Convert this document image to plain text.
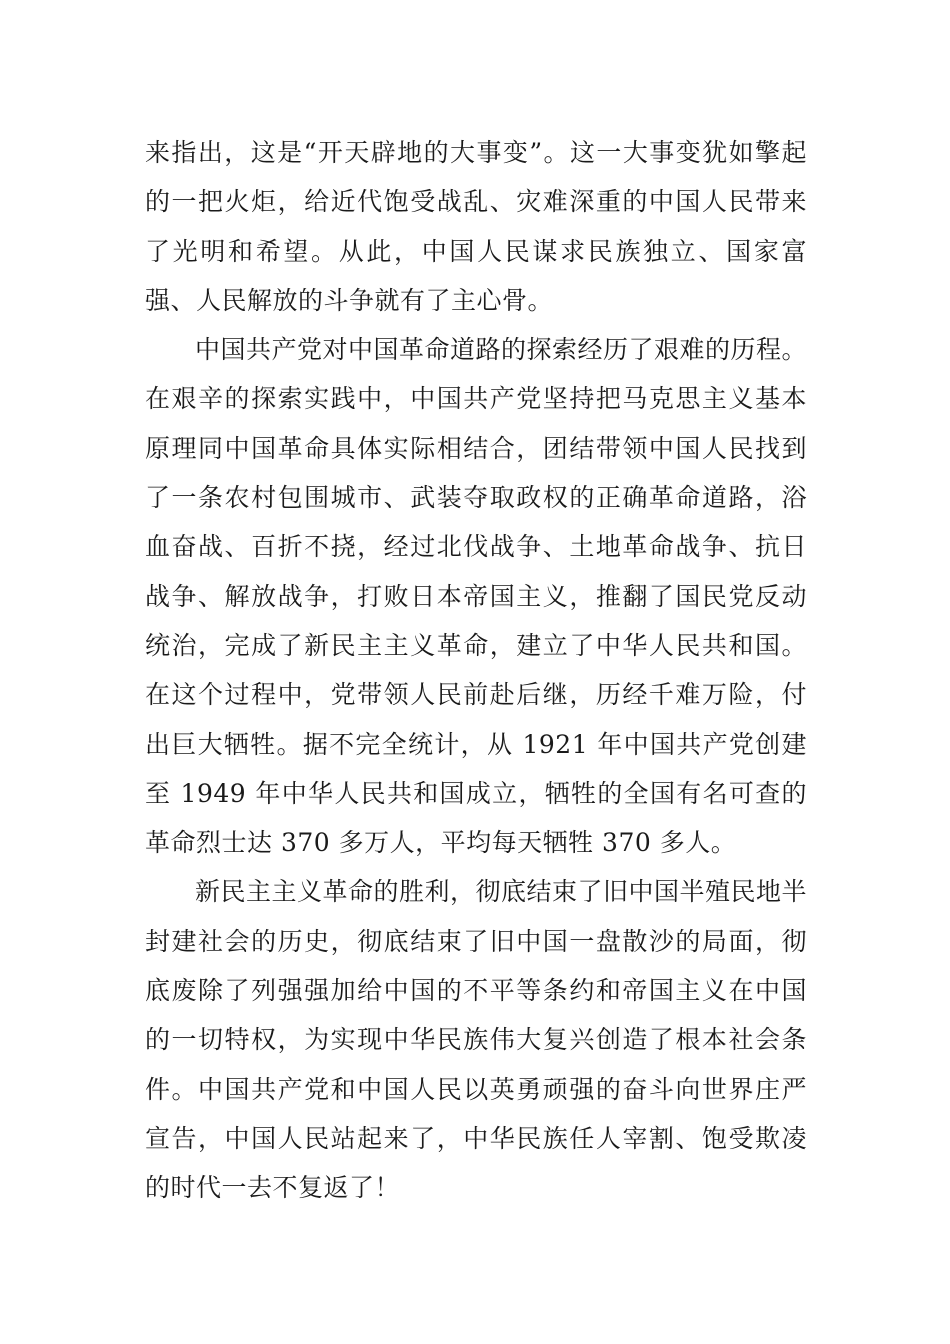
来指出，这是“开天辟地的大事变”。这一大事变犹如擎起的一把火炬，给近代饱受战乱、灾难深重的中国人民带来了光明和希望。从此，中国人民谋求民族独立、国家富强、人民解放的斗争就有了主心骨。

中国共产党对中国革命道路的探索经历了艰难的历程。在艰辛的探索实践中，中国共产党坚持把马克思主义基本原理同中国革命具体实际相结合，团结带领中国人民找到了一条农村包围城市、武装夺取政权的正确革命道路，浴血奋战、百折不挠，经过北伐战争、土地革命战争、抗日战争、解放战争，打败日本帝国主义，推翻了国民党反动统治，完成了新民主主义革命，建立了中华人民共和国。在这个过程中，党带领人民前赴后继，历经千难万险，付出巨大牺牲。据不完全统计，从 1921 年中国共产党创建至 1949 年中华人民共和国成立，牺牲的全国有名可查的革命烈士达 370 多万人，平均每天牺牲 370 多人。

新民主主义革命的胜利，彻底结束了旧中国半殖民地半封建社会的历史，彻底结束了旧中国一盘散沙的局面，彻底废除了列强强加给中国的不平等条约和帝国主义在中国的一切特权，为实现中华民族伟大复兴创造了根本社会条件。中国共产党和中国人民以英勇顽强的奋斗向世界庄严宣告，中国人民站起来了，中华民族任人宰割、饱受欺凌的时代一去不复返了！
